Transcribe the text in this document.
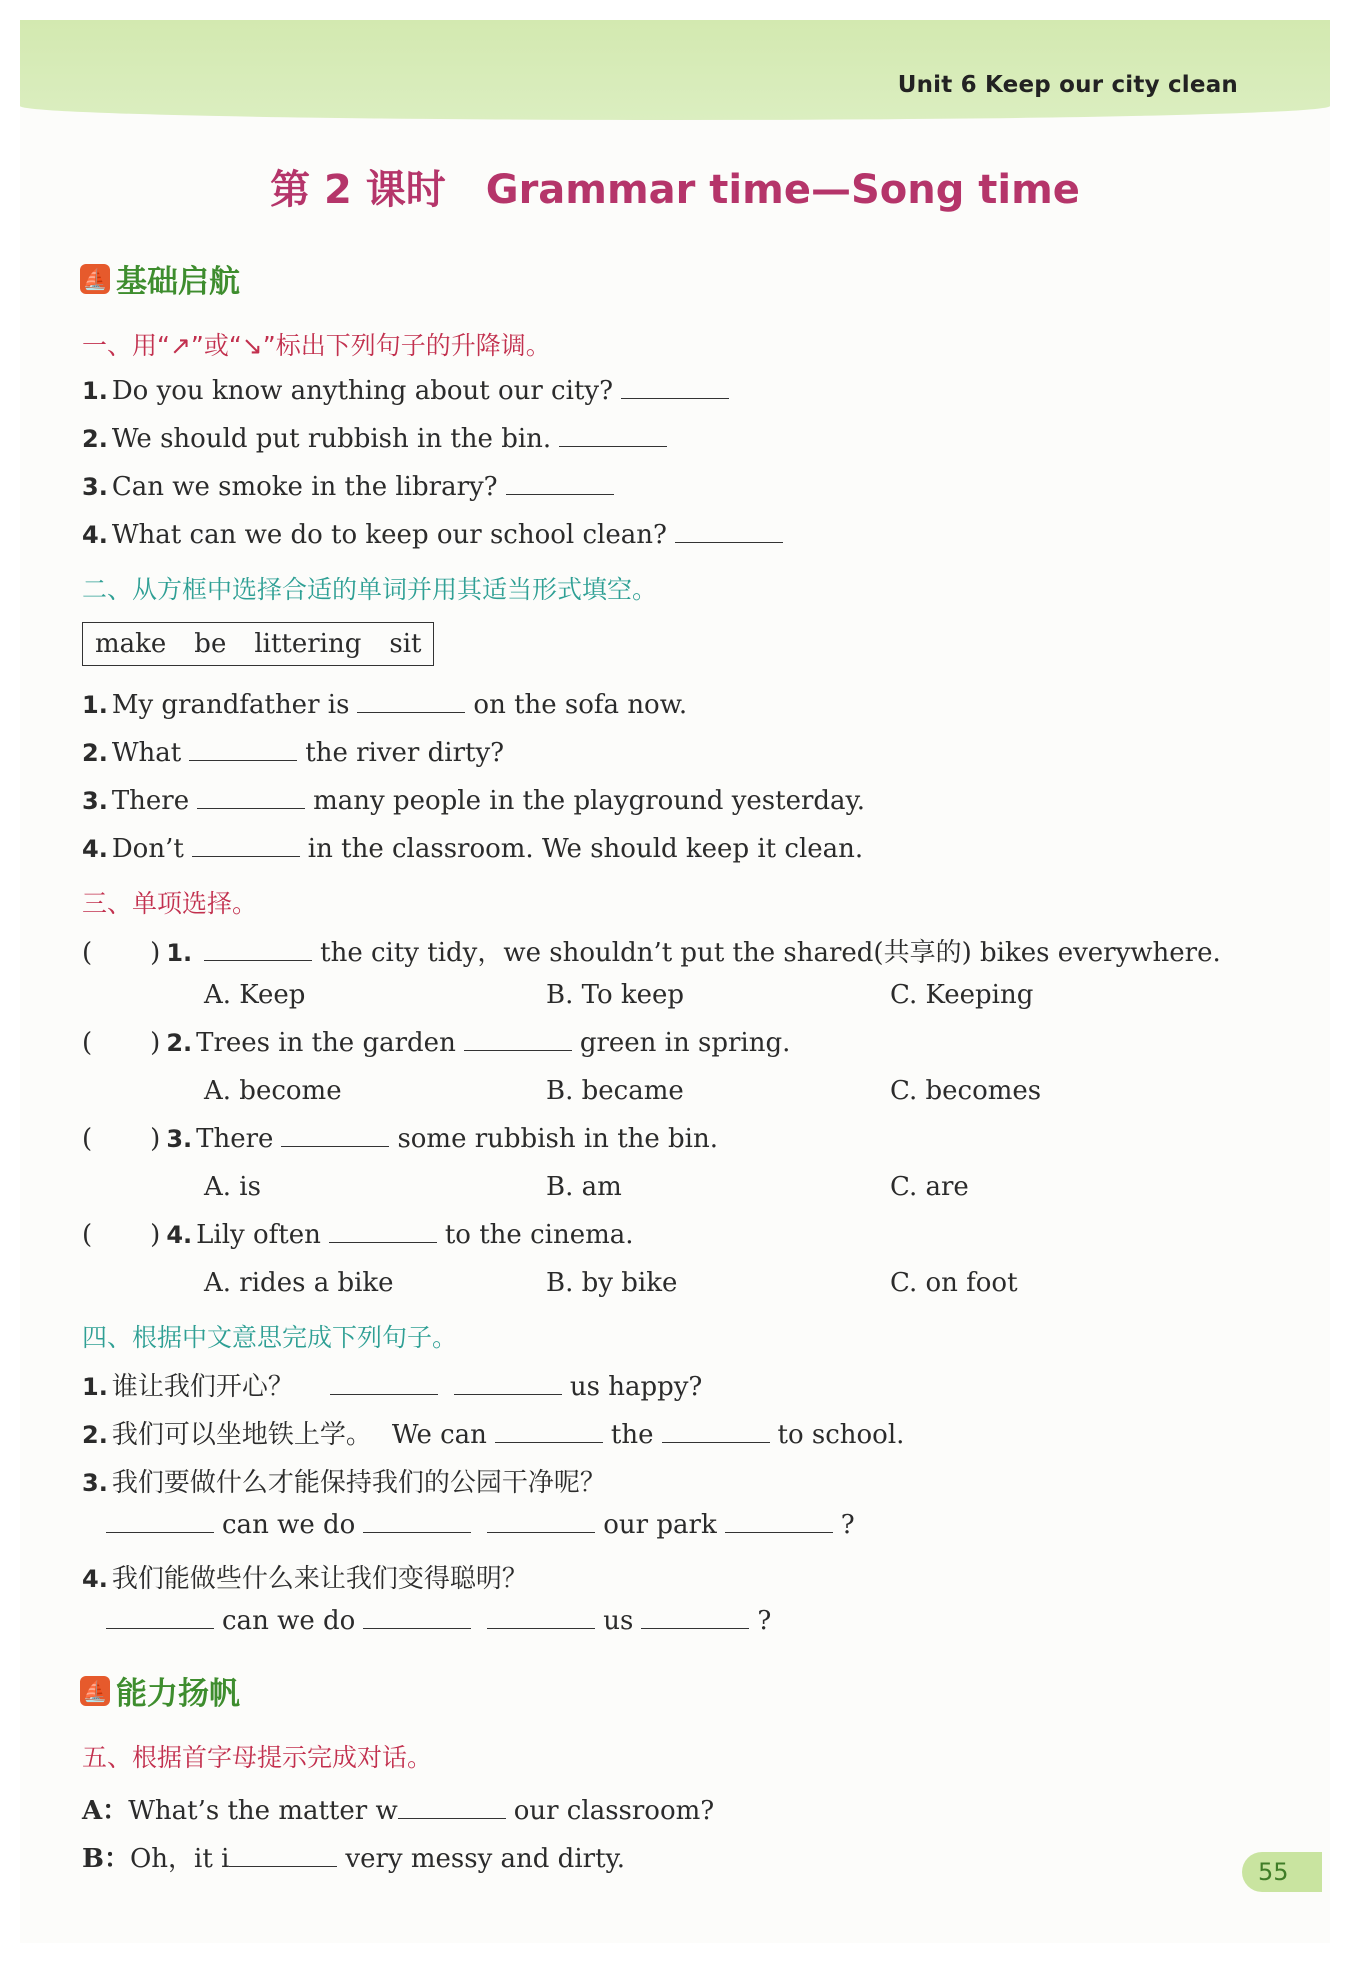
Unit 6 Keep our city clean
第 2 课时 Grammar time—Song time
⛵ 基础启航
一、用“↗”或“↘”标出下列句子的升降调。
1. Do you know anything about our city?
2. We should put rubbish in the bin.
3. Can we smoke in the library?
4. What can we do to keep our school clean?
二、从方框中选择合适的单词并用其适当形式填空。
make be littering sit
1. My grandfather is	on the sofa now.
2. What	the river dirty?
3. There	many people in the playground yesterday.
4. Don’t	in the classroom. We should keep it clean.
三、单项选择。
( ) 1.	the city tidy，we shouldn’t put the shared(共享的) bikes everywhere.
A. Keep	B. To keep	C. Keeping
( ) 2. Trees in the garden	green in spring.
A. become	B. became	C. becomes
( ) 3. There	some rubbish in the bin.
A. is	B. am	C. are
( ) 4. Lily often	to the cinema.
A. rides a bike	B. by bike	C. on foot
四、根据中文意思完成下列句子。
1. 谁让我们开心？	us happy?
2. 我们可以坐地铁上学。 We can	the	to school.
3. 我们要做什么才能保持我们的公园干净呢？
can we do	our park	?
4. 我们能做些什么来让我们变得聪明？
can we do	us	?
⛵ 能力扬帆
五、根据首字母提示完成对话。
A：What’s the matter w	our classroom?
B：Oh，it i	very messy and dirty.	55
